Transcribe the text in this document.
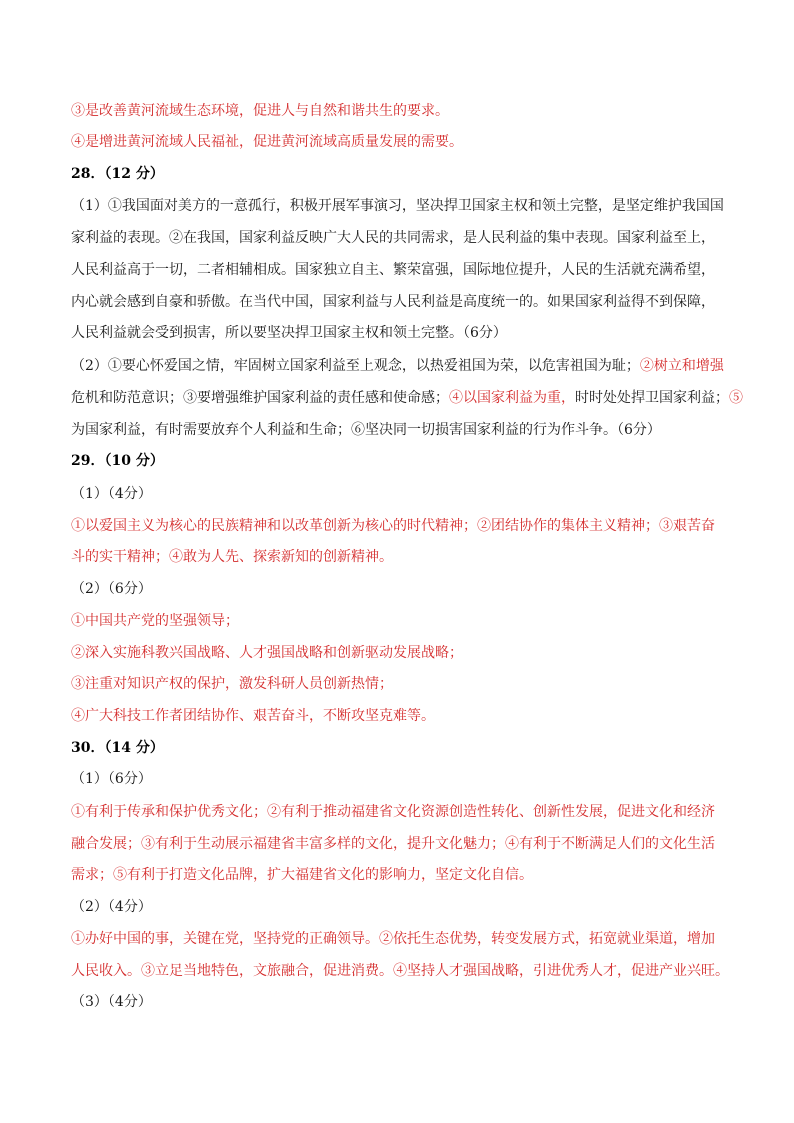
③是改善黄河流域生态环境，促进人与自然和谐共生的要求。
④是增进黄河流域人民福祉，促进黄河流域高质量发展的需要。
28．（12 分）
（1）①我国面对美方的一意孤行，积极开展军事演习，坚决捍卫国家主权和领土完整，是坚定维护我国国
家利益的表现。②在我国，国家利益反映广大人民的共同需求，是人民利益的集中表现。国家利益至上，
人民利益高于一切，二者相辅相成。国家独立自主、繁荣富强，国际地位提升，人民的生活就充满希望，
内心就会感到自豪和骄傲。在当代中国，国家利益与人民利益是高度统一的。如果国家利益得不到保障，
人民利益就会受到损害，所以要坚决捍卫国家主权和领土完整。（6分）
（2）①要心怀爱国之情，牢固树立国家利益至上观念，以热爱祖国为荣，以危害祖国为耻；②树立和增强
危机和防范意识；③要增强维护国家利益的责任感和使命感；④以国家利益为重，时时处处捍卫国家利益；⑤
为国家利益，有时需要放弃个人利益和生命；⑥坚决同一切损害国家利益的行为作斗争。（6分）
29．（10 分）
（1）（4分）
①以爱国主义为核心的民族精神和以改革创新为核心的时代精神；②团结协作的集体主义精神；③艰苦奋
斗的实干精神；④敢为人先、探索新知的创新精神。
（2）（6分）
①中国共产党的坚强领导；
②深入实施科教兴国战略、人才强国战略和创新驱动发展战略；
③注重对知识产权的保护，激发科研人员创新热情；
④广大科技工作者团结协作、艰苦奋斗，不断攻坚克难等。
30．（14 分）
（1）（6分）
①有利于传承和保护优秀文化；②有利于推动福建省文化资源创造性转化、创新性发展，促进文化和经济
融合发展；③有利于生动展示福建省丰富多样的文化，提升文化魅力；④有利于不断满足人们的文化生活
需求；⑤有利于打造文化品牌，扩大福建省文化的影响力，坚定文化自信。
（2）（4分）
①办好中国的事，关键在党，坚持党的正确领导。②依托生态优势，转变发展方式，拓宽就业渠道，增加
人民收入。③立足当地特色，文旅融合，促进消费。④坚持人才强国战略，引进优秀人才，促进产业兴旺。
（3）（4分）
